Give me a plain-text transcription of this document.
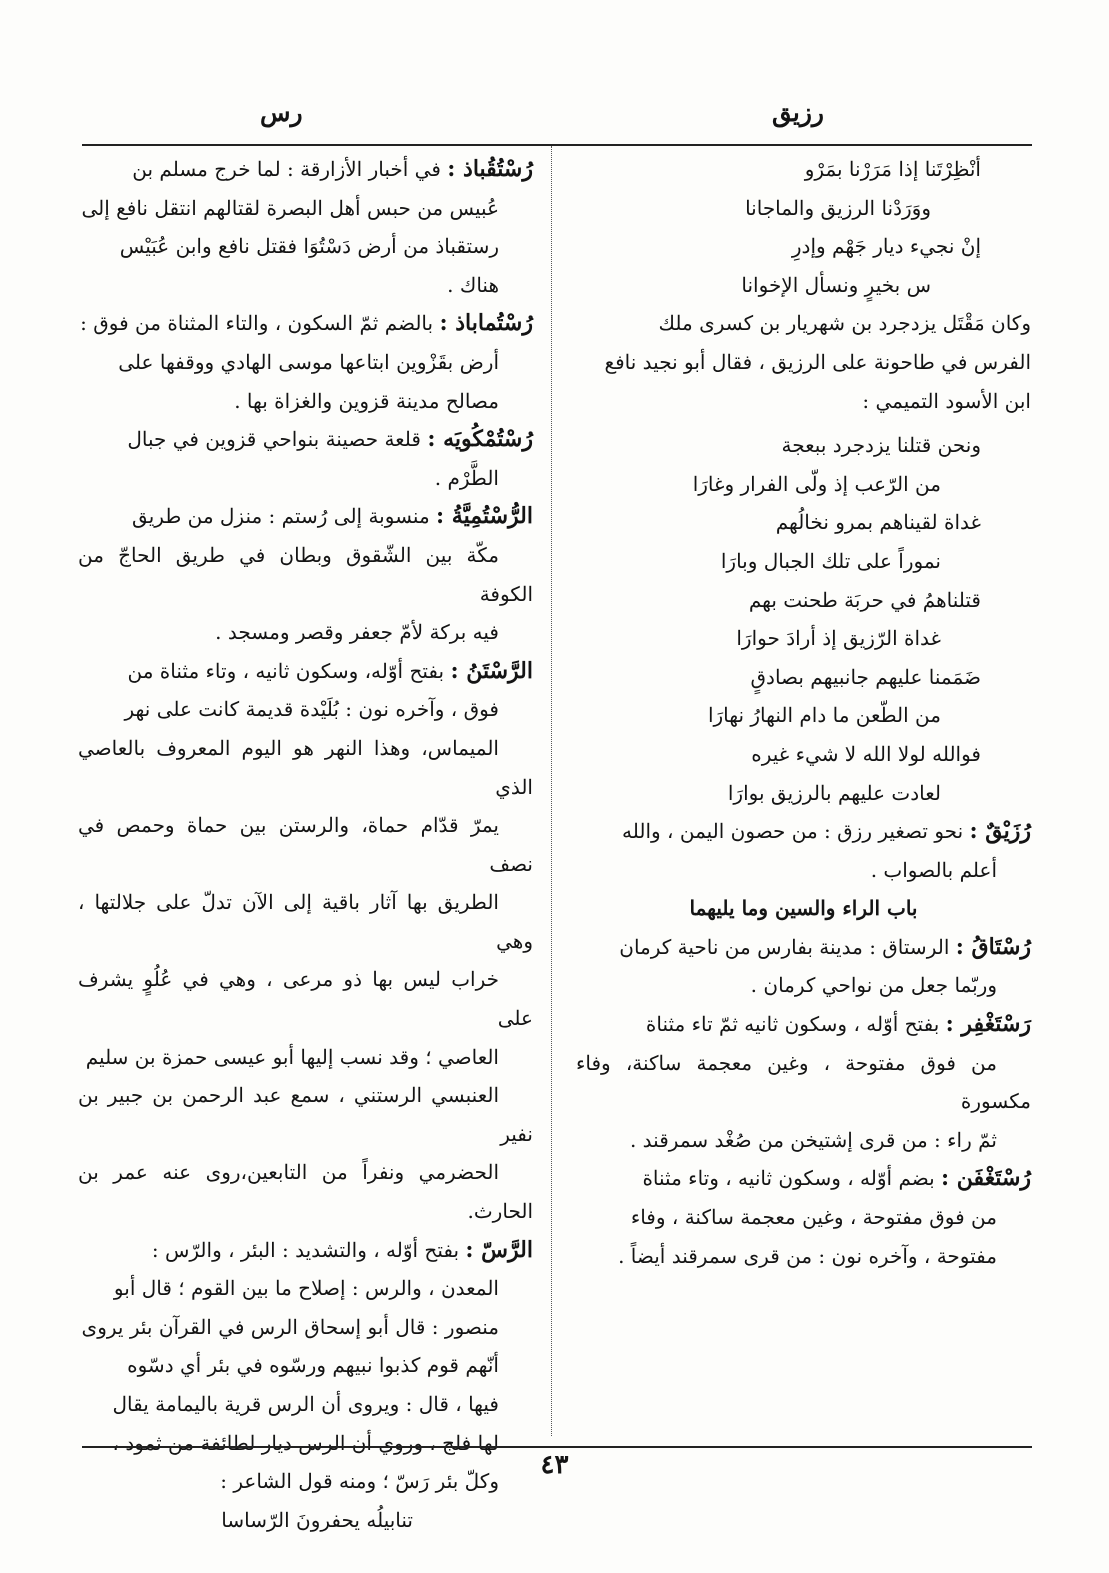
رزيق
رس
أنْظِرْتَنا إذا مَرَرْنا بمَرْو
ووَرَدْنا الرزيق والماجانا
إنْ نجيء ديار جَهْم وإدرِ
س بخيرٍ ونسأل الإخوانا

وكان مَقْتَل يزدجرد بن شهريار بن كسرى ملك
الفرس في طاحونة على الرزيق ، فقال أبو نجيد نافع
ابن الأسود التميمي :

ونحن قتلنا يزدجرد ببعجة
من الرّعب إذ ولّى الفرار وغارَا
غداة لقيناهم بمرو نخالُهم
نموراً على تلك الجبال وبارَا
قتلناهمُ في حربَة طحنت بهم
غداة الرّزيق إذ أرادَ حوارَا
ضَمَمنا عليهم جانبيهم بصادقٍ
من الطّعن ما دام النهارُ نهارَا
فوالله لولا الله لا شيء غيره
لعادت عليهم بالرزيق بوارَا

رُزَيْقٌ : نحو تصغير رزق : من حصون اليمن ، والله
أعلم بالصواب .

باب الراء والسين وما يليهما

رُسْتَاقُ : الرستاق : مدينة بفارس من ناحية كرمان
وربّما جعل من نواحي كرمان .

رَسْتَغْفِر : بفتح أوّله ، وسكون ثانيه ثمّ تاء مثناة
من فوق مفتوحة ، وغين معجمة ساكنة، وفاء مكسورة
ثمّ راء : من قرى إشتيخن من صُغْد سمرقند .

رُسْتَغْفَن : بضم أوّله ، وسكون ثانيه ، وتاء مثناة
من فوق مفتوحة ، وغين معجمة ساكنة ، وفاء
مفتوحة ، وآخره نون : من قرى سمرقند أيضاً .

رُسْتُقُباذ : في أخبار الأزارقة : لما خرج مسلم بن
عُبيس من حبس أهل البصرة لقتالهم انتقل نافع إلى
رستقباذ من أرض دَسْتُوَا فقتل نافع وابن عُبَيْس
هناك .

رُسْتُماباذ : بالضم ثمّ السكون ، والتاء المثناة من فوق :
أرض بقَزْوين ابتاعها موسى الهادي ووقفها على
مصالح مدينة قزوين والغزاة بها .

رُسْتُمْكُويَه : قلعة حصينة بنواحي قزوين في جبال
الطَّرْم .

الرُّسْتُمِيَّةُ : منسوبة إلى رُستم : منزل من طريق
مكّة بين الشّقوق وبطان في طريق الحاجّ من الكوفة
فيه بركة لأمّ جعفر وقصر ومسجد .

الرَّسْتَنُ : بفتح أوّله، وسكون ثانيه ، وتاء مثناة من
فوق ، وآخره نون : بُلَيْدة قديمة كانت على نهر
الميماس، وهذا النهر هو اليوم المعروف بالعاصي الذي
يمرّ قدّام حماة، والرستن بين حماة وحمص في نصف
الطريق بها آثار باقية إلى الآن تدلّ على جلالتها ، وهي
خراب ليس بها ذو مرعى ، وهي في عُلُوٍ يشرف على
العاصي ؛ وقد نسب إليها أبو عيسى حمزة بن سليم
العنبسي الرستني ، سمع عبد الرحمن بن جبير بن نفير
الحضرمي ونفراً من التابعين،روى عنه عمر بن الحارث.

الرَّسّ : بفتح أوّله ، والتشديد : البئر ، والرّس :
المعدن ، والرس : إصلاح ما بين القوم ؛ قال أبو
منصور : قال أبو إسحاق الرس في القرآن بئر يروى
أنّهم قوم كذبوا نبيهم ورسّوه في بئر أي دسّوه
فيها ، قال : ويروى أن الرس قرية باليمامة يقال
لها فلج ، وروي أن الرس ديار لطائفة من ثمود ،
وكلّ بئر رَسّ ؛ ومنه قول الشاعر :

تنابيلُه يحفرونَ الرّساسا
٤٣
